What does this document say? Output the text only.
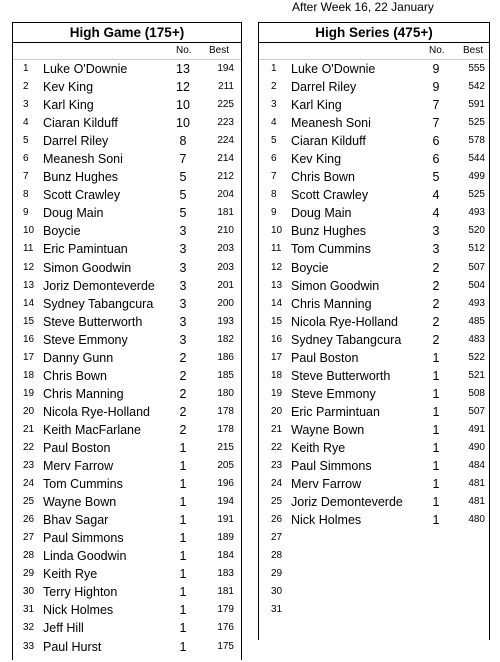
After Week 16, 22 January
High Game (175+)
No. Best
1 Luke O'Downie	13	194
2 Kev King	12	211
3 Karl King	10	225
4 Ciaran Kilduff	10	223
5 Darrel Riley	8	224
6 Meanesh Soni	7	214
7 Bunz Hughes	5	212
8 Scott Crawley	5	204
9 Doug Main	5	181
10 Boycie	3	210
11 Eric Pamintuan	3	203
12 Simon Goodwin	3	203
13 Joriz Demonteverde	3	201
14 Sydney Tabangcura	3	200
15 Steve Butterworth	3	193
16 Steve Emmony	3	182
17 Danny Gunn	2	186
18 Chris Bown	2	185
19 Chris Manning	2	180
20 Nicola Rye-Holland	2	178
21 Keith MacFarlane	2	178
22 Paul Boston	1	215
23 Merv Farrow	1	205
24 Tom Cummins	1	196
25 Wayne Bown	1	194
26 Bhav Sagar	1	191
27 Paul Simmons	1	189
28 Linda Goodwin	1	184
29 Keith Rye	1	183
30 Terry Highton	1	181
31 Nick Holmes	1	179
32 Jeff Hill	1	176
33 Paul Hurst	1	175
High Series (475+)
No. Best
1 Luke O'Downie	9	555
2 Darrel Riley	9	542
3 Karl King	7	591
4 Meanesh Soni	7	525
5 Ciaran Kilduff	6	578
6 Kev King	6	544
7 Chris Bown	5	499
8 Scott Crawley	4	525
9 Doug Main	4	493
10 Bunz Hughes	3	520
11 Tom Cummins	3	512
12 Boycie	2	507
13 Simon Goodwin	2	504
14 Chris Manning	2	493
15 Nicola Rye-Holland	2	485
16 Sydney Tabangcura	2	483
17 Paul Boston	1	522
18 Steve Butterworth	1	521
19 Steve Emmony	1	508
20 Eric Parmintuan	1	507
21 Wayne Bown	1	491
22 Keith Rye	1	490
23 Paul Simmons	1	484
24 Merv Farrow	1	481
25 Joriz Demonteverde	1	481
26 Nick Holmes	1	480
27
28
29
30
31
